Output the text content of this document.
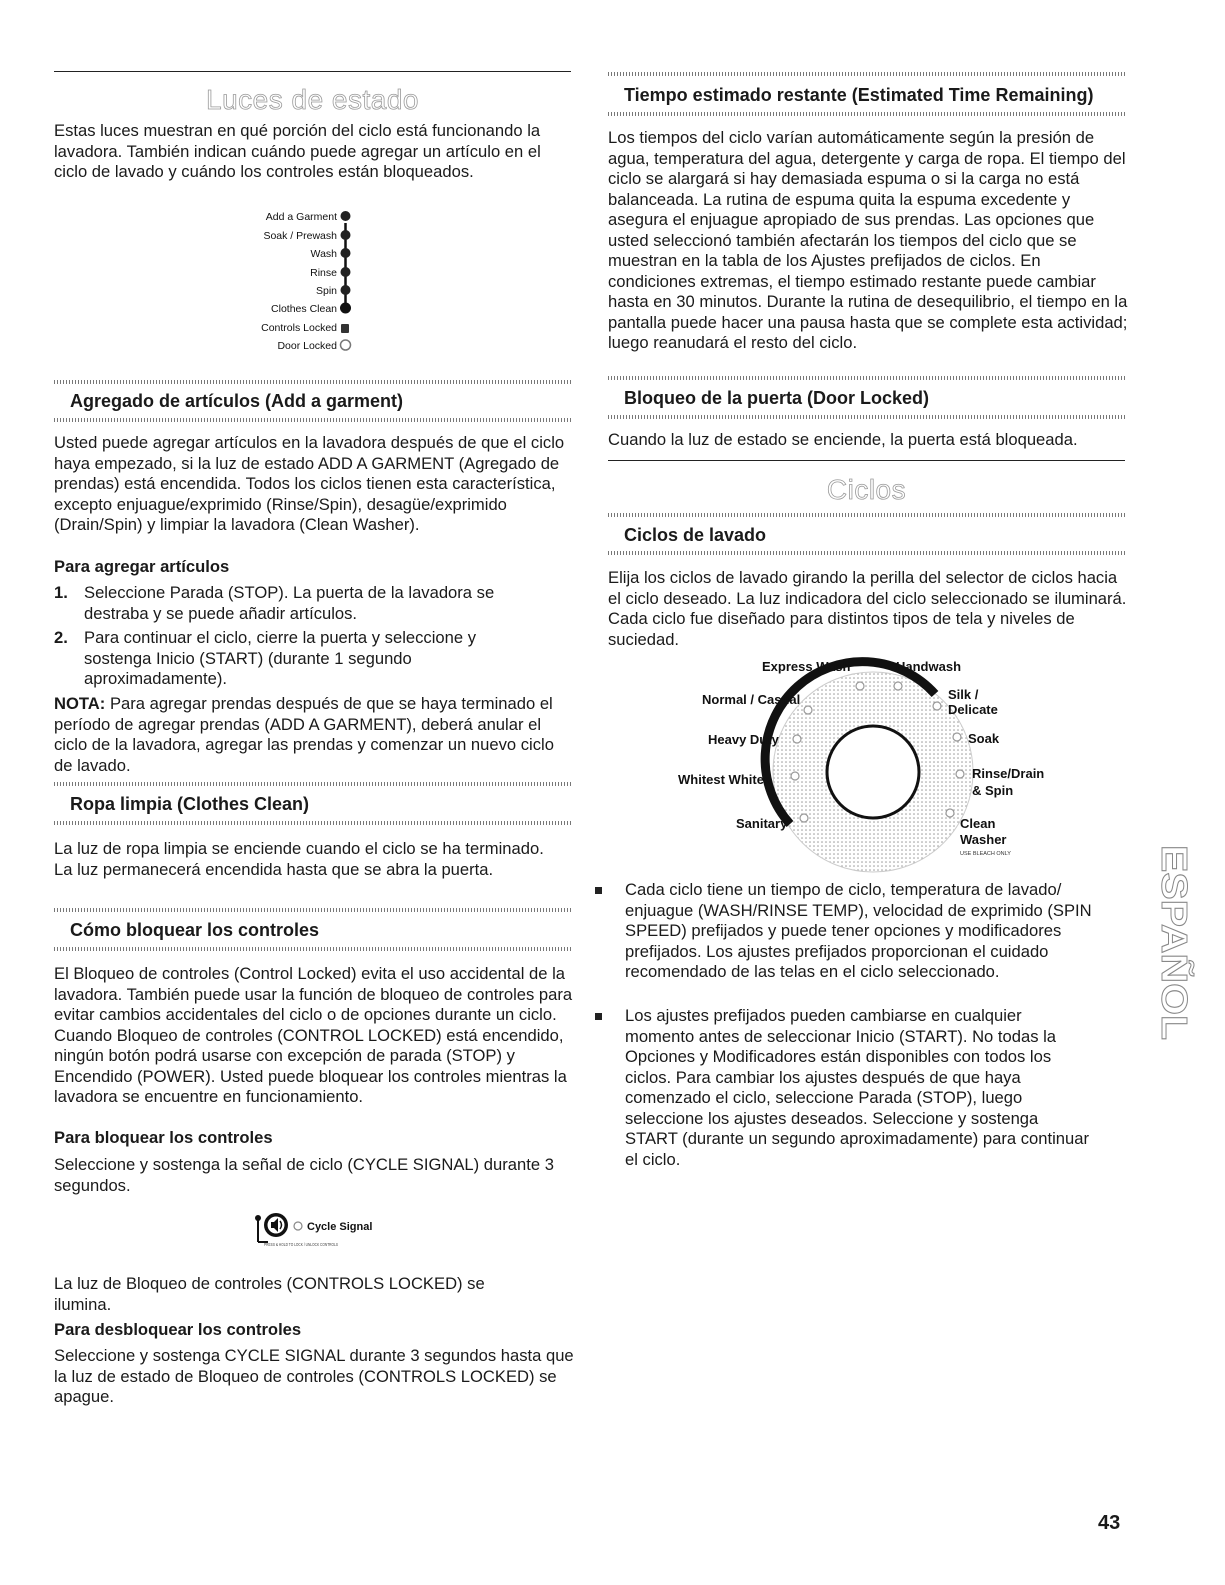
Luces de estado

Estas luces muestran en qué porción del ciclo está funcionando la lavadora. También indican cuándo puede agregar un artículo en el ciclo de lavado y cuándo los controles están bloqueados.

Add a Garment
Soak / Prewash
Wash
Rinse
Spin
Clothes Clean
Controls Locked
Door Locked
Agregado de artículos (Add a garment)

Usted puede agregar artículos en la lavadora después de que el ciclo haya empezado, si la luz de estado ADD A GARMENT (Agregado de prendas) está encendida. Todos los ciclos tienen esta característica, excepto enjuague/exprimido (Rinse/Spin), desagüe/exprimido (Drain/Spin) y limpiar la lavadora (Clean Washer).

Para agregar artículos

1. Seleccione Parada (STOP). La puerta de la lavadora se destraba y se puede añadir artículos.
2. Para continuar el ciclo, cierre la puerta y seleccione y sostenga Inicio (START) (durante 1 segundo aproximadamente).

NOTA: Para agregar prendas después de que se haya terminado el período de agregar prendas (ADD A GARMENT), deberá anular el ciclo de la lavadora, agregar las prendas y comenzar un nuevo ciclo de lavado.

Ropa limpia (Clothes Clean)

La luz de ropa limpia se enciende cuando el ciclo se ha terminado. La luz permanecerá encendida hasta que se abra la puerta.

Cómo bloquear los controles

El Bloqueo de controles (Control Locked) evita el uso accidental de la lavadora. También puede usar la función de bloqueo de controles para evitar cambios accidentales del ciclo o de opciones durante un ciclo. Cuando Bloqueo de controles (CONTROL LOCKED) está encendido, ningún botón podrá usarse con excepción de parada (STOP) y Encendido (POWER). Usted puede bloquear los controles mientras la lavadora se encuentre en funcionamiento.

Para bloquear los controles

Seleccione y sostenga la señal de ciclo (CYCLE SIGNAL) durante 3 segundos.

Cycle Signal
PRESS & HOLD TO LOCK / UNLOCK CONTROLS

La luz de Bloqueo de controles (CONTROLS LOCKED) se ilumina.

Para desbloquear los controles

Seleccione y sostenga CYCLE SIGNAL durante 3 segundos hasta que la luz de estado de Bloqueo de controles (CONTROLS LOCKED) se apague.

Tiempo estimado restante (Estimated Time Remaining)

Los tiempos del ciclo varían automáticamente según la presión de agua, temperatura del agua, detergente y carga de ropa. El tiempo del ciclo se alargará si hay demasiada espuma o si la carga no está balanceada. La rutina de espuma quita la espuma excedente y asegura el enjuague apropiado de sus prendas. Las opciones que usted seleccionó también afectarán los tiempos del ciclo que se muestran en la tabla de los Ajustes prefijados de ciclos. En condiciones extremas, el tiempo estimado restante puede cambiar hasta en 30 minutos. Durante la rutina de desequilibrio, el tiempo en la pantalla puede hacer una pausa hasta que se complete esta actividad; luego reanudará el resto del ciclo.

Bloqueo de la puerta (Door Locked)

Cuando la luz de estado se enciende, la puerta está bloqueada.

Ciclos
Ciclos de lavado

Elija los ciclos de lavado girando la perilla del selector de ciclos hacia el ciclo deseado. La luz indicadora del ciclo seleccionado se iluminará. Cada ciclo fue diseñado para distintos tipos de tela y niveles de suciedad.

Express Wash	Handwash
Normal / Casual	Silk /
Delicate
Heavy Duty	Soak
Whitest Whites	Rinse/Drain
& Spin
Sanitary	Clean
Washer
USE BLEACH ONLY
Cada ciclo tiene un tiempo de ciclo, temperatura de lavado/ enjuague (WASH/RINSE TEMP), velocidad de exprimido (SPIN SPEED) prefijados y puede tener opciones y modificadores prefijados. Los ajustes prefijados proporcionan el cuidado recomendado de las telas en el ciclo seleccionado.
Los ajustes prefijados pueden cambiarse en cualquier momento antes de seleccionar Inicio (START). No todas la Opciones y Modificadores están disponibles con todos los ciclos. Para cambiar los ajustes después de que haya comenzado el ciclo, seleccione Parada (STOP), luego seleccione los ajustes deseados. Seleccione y sostenga START (durante un segundo aproximadamente) para continuar el ciclo.
ESPAÑOL
43
